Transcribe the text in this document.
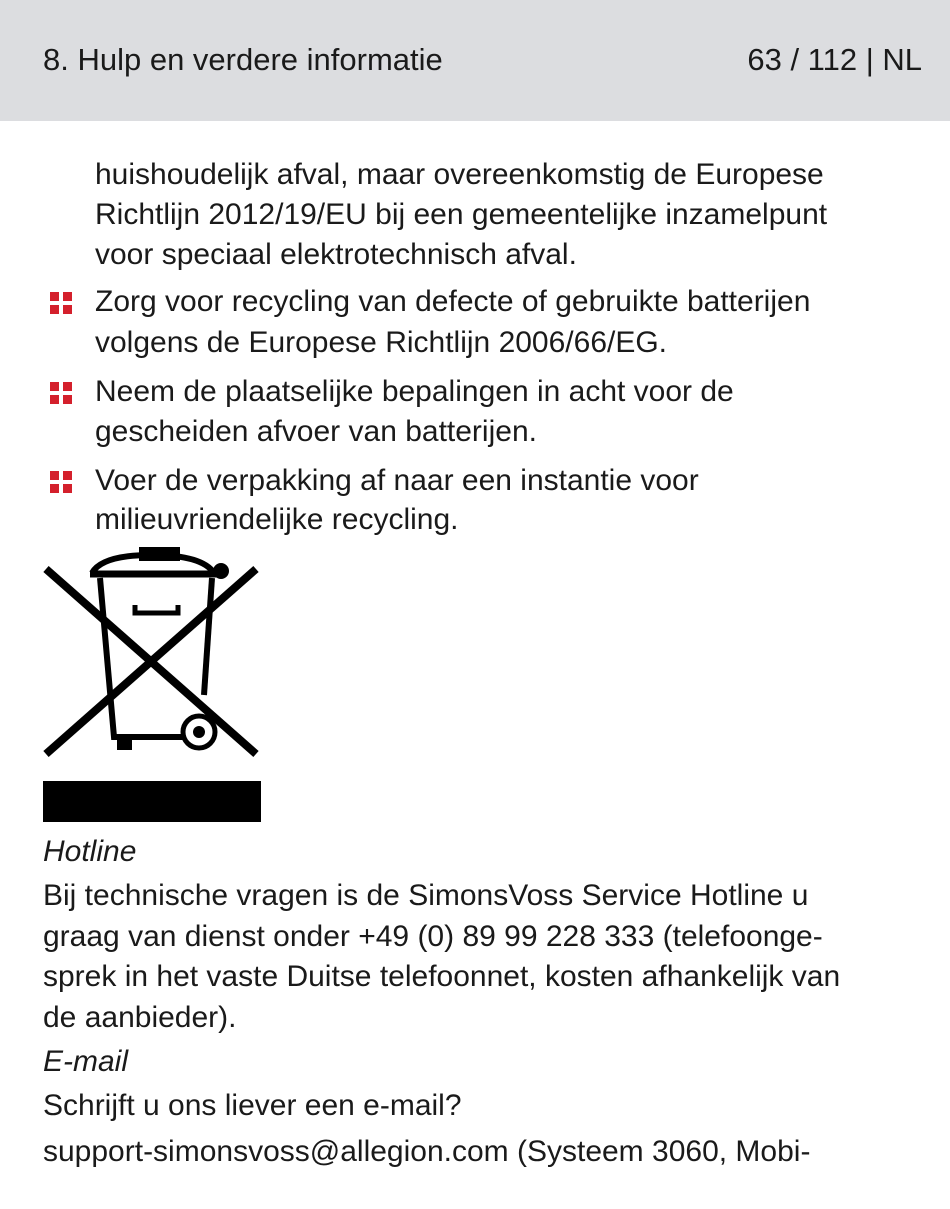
8. Hulp en verdere informatie	63 / 112 | NL
huishoudelijk afval, maar overeenkomstig de Europese
Richtlijn 2012/19/EU bij een gemeentelijke inzamelpunt
voor speciaal elektrotechnisch afval.
Zorg voor recycling van defecte of gebruikte batterijen
volgens de Europese Richtlijn 2006/66/EG.
Neem de plaatselijke bepalingen in acht voor de
gescheiden afvoer van batterijen.
Voer de verpakking af naar een instantie voor
milieuvriendelijke recycling.
Hotline
Bij technische vragen is de SimonsVoss Service Hotline u
graag van dienst onder +49 (0) 89 99 228 333 (telefoonge-
sprek in het vaste Duitse telefoonnet, kosten afhankelijk van
de aanbieder).
E-mail
Schrijft u ons liever een e-mail?
support-simonsvoss@allegion.com (Systeem 3060, Mobi-
